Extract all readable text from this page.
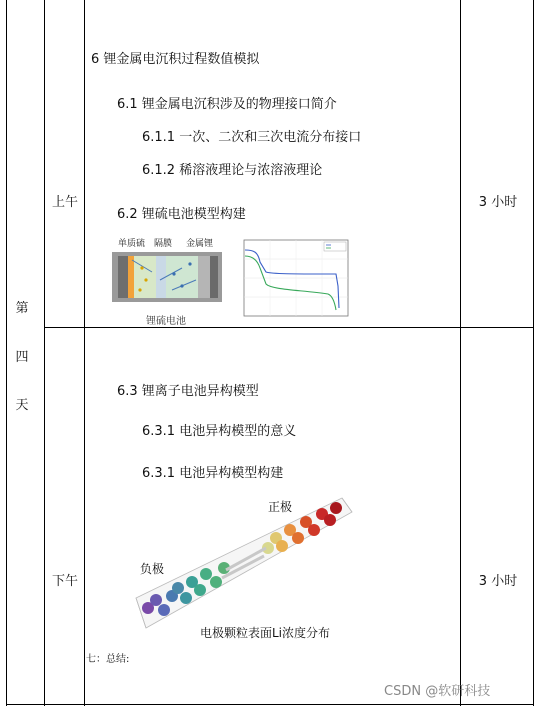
第
四
天
上午
6 锂金属电沉积过程数值模拟
6.1 锂金属电沉积涉及的物理接口简介
6.1.1 一次、二次和三次电流分布接口
6.1.2 稀溶液理论与浓溶液理论
6.2 锂硫电池模型构建
3 小时
单质硫 隔膜 金属锂
锂硫电池
下午
6.3 锂离子电池异构模型
6.3.1 电池异构模型的意义
6.3.1 电池异构模型构建
3 小时
正极
负极
电极颗粒表面Li浓度分布
七：总结:
CSDN @软研科技
